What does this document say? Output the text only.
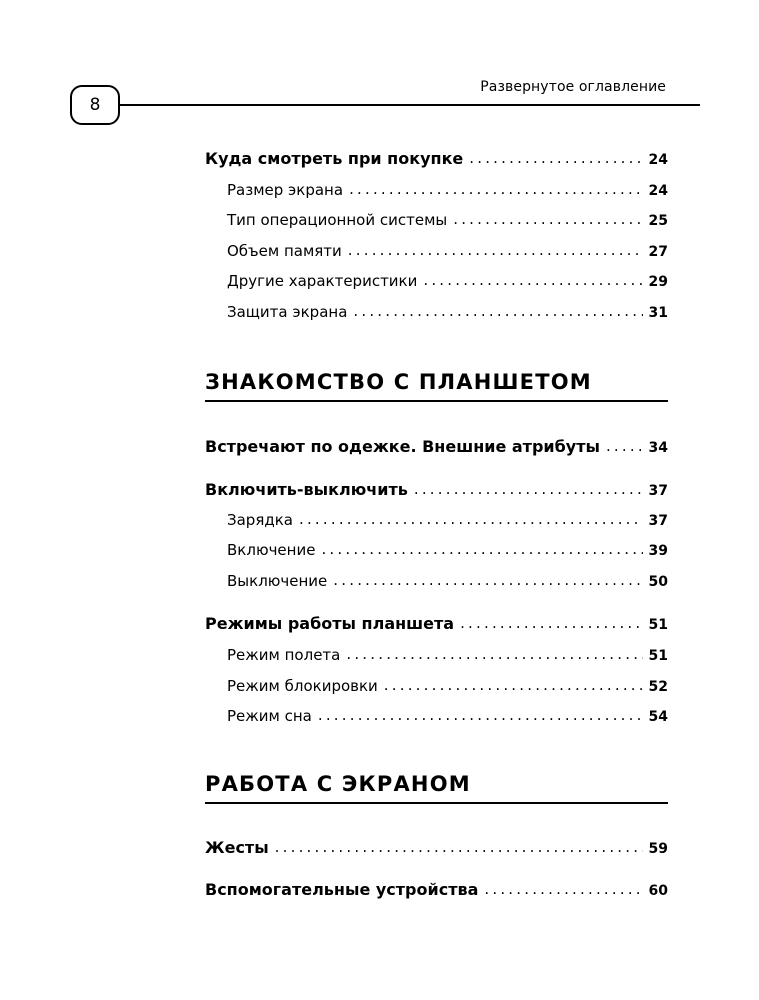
8
Развернутое оглавление
Куда смотреть при покупке .....	24
Размер экрана .....	24
Тип операционной системы .....	25
Объем памяти .....	27
Другие характеристики .....	29
Защита экрана .....	31
Встречают по одежке. Внешние атрибуты .....	34
Включить-выключить .....	37
Зарядка .....	37
Включение .....	39
Выключение .....	50
Режимы работы планшета .....	51
Режим полета .....	51
Режим блокировки .....	52
Режим сна .....	54
Жесты .....	59
Вспомогательные устройства .....	60
ЗНАКОМСТВО С ПЛАНШЕТОМ
РАБОТА С ЭКРАНОМ
